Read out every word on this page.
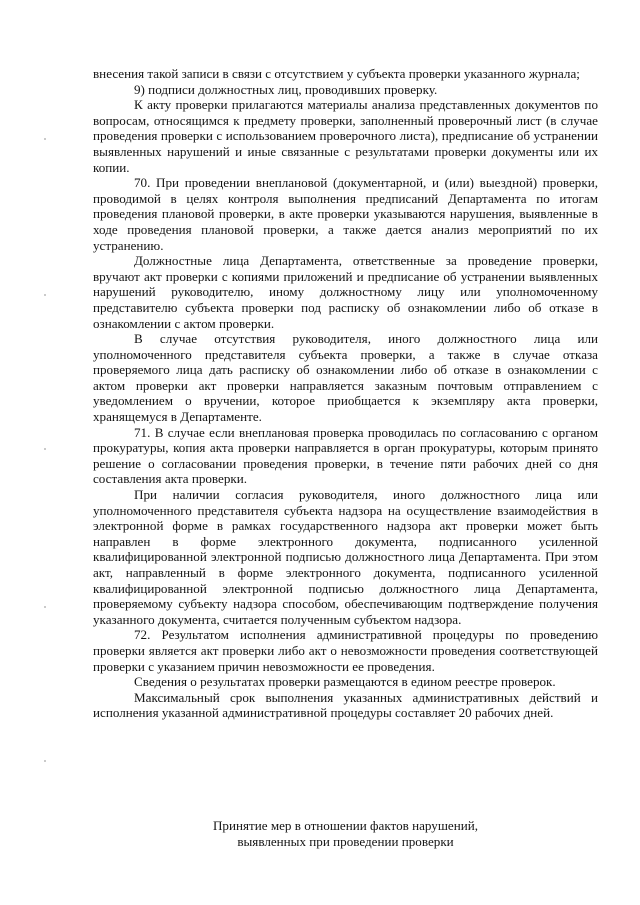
внесения такой записи в связи с отсутствием у субъекта проверки указанного журнала;

9) подписи должностных лиц, проводивших проверку.

К акту проверки прилагаются материалы анализа представленных документов по вопросам, относящимся к предмету проверки, заполненный проверочный лист (в случае проведения проверки с использованием проверочного листа), предписание об устранении выявленных нарушений и иные связанные с результатами проверки документы или их копии.

70. При проведении внеплановой (документарной, и (или) выездной) проверки, проводимой в целях контроля выполнения предписаний Департамента по итогам проведения плановой проверки, в акте проверки указываются нарушения, выявленные в ходе проведения плановой проверки, а также дается анализ мероприятий по их устранению.

Должностные лица Департамента, ответственные за проведение проверки, вручают акт проверки с копиями приложений и предписание об устранении выявленных нарушений руководителю, иному должностному лицу или уполномоченному представителю субъекта проверки под расписку об ознакомлении либо об отказе в ознакомлении с актом проверки.

В случае отсутствия руководителя, иного должностного лица или уполномоченного представителя субъекта проверки, а также в случае отказа проверяемого лица дать расписку об ознакомлении либо об отказе в ознакомлении с актом проверки акт проверки направляется заказным почтовым отправлением с уведомлением о вручении, которое приобщается к экземпляру акта проверки, хранящемуся в Департаменте.

71. В случае если внеплановая проверка проводилась по согласованию с органом прокуратуры, копия акта проверки направляется в орган прокуратуры, которым принято решение о согласовании проведения проверки, в течение пяти рабочих дней со дня составления акта проверки.

При наличии согласия руководителя, иного должностного лица или уполномоченного представителя субъекта надзора на осуществление взаимодействия в электронной форме в рамках государственного надзора акт проверки может быть направлен в форме электронного документа, подписанного усиленной квалифицированной электронной подписью должностного лица Департамента. При этом акт, направленный в форме электронного документа, подписанного усиленной квалифицированной электронной подписью должностного лица Департамента, проверяемому субъекту надзора способом, обеспечивающим подтверждение получения указанного документа, считается полученным субъектом надзора.

72. Результатом исполнения административной процедуры по проведению проверки является акт проверки либо акт о невозможности проведения соответствующей проверки с указанием причин невозможности ее проведения.

Сведения о результатах проверки размещаются в едином реестре проверок.

Максимальный срок выполнения указанных административных действий и исполнения указанной административной процедуры составляет 20 рабочих дней.

Принятие мер в отношении фактов нарушений,
выявленных при проведении проверки
